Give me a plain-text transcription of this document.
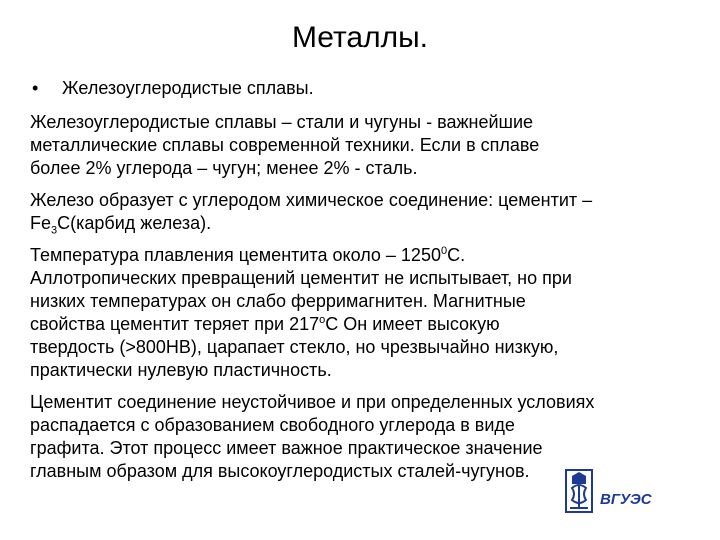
Металлы.
• Железоуглеродистые сплавы.
Железоуглеродистые сплавы – стали и чугуны - важнейшие
металлические сплавы современной техники. Если в сплаве
более 2% углерода – чугун; менее 2% - сталь.
Железо образует с углеродом химическое соединение: цементит –
$Fe_3С(карбид$ железа).
Температура плавления цементита около – 1250$^0$С.
Аллотропических превращений цементит не испытывает, но при
низких температурах он слабо ферримагнитен. Магнитные
свойства цементит теряет при $217^оС$ Он имеет высокую
твердость (>800HB), царапает стекло, но чрезвычайно низкую,
практически нулевую пластичность.
Цементит соединение неустойчивое и при определенных условиях
распадается с образованием свободного углерода в виде
графита. Этот процесс имеет важное практическое значение
главным образом для высокоуглеродистых сталей-чугунов.
ВГУЭС
